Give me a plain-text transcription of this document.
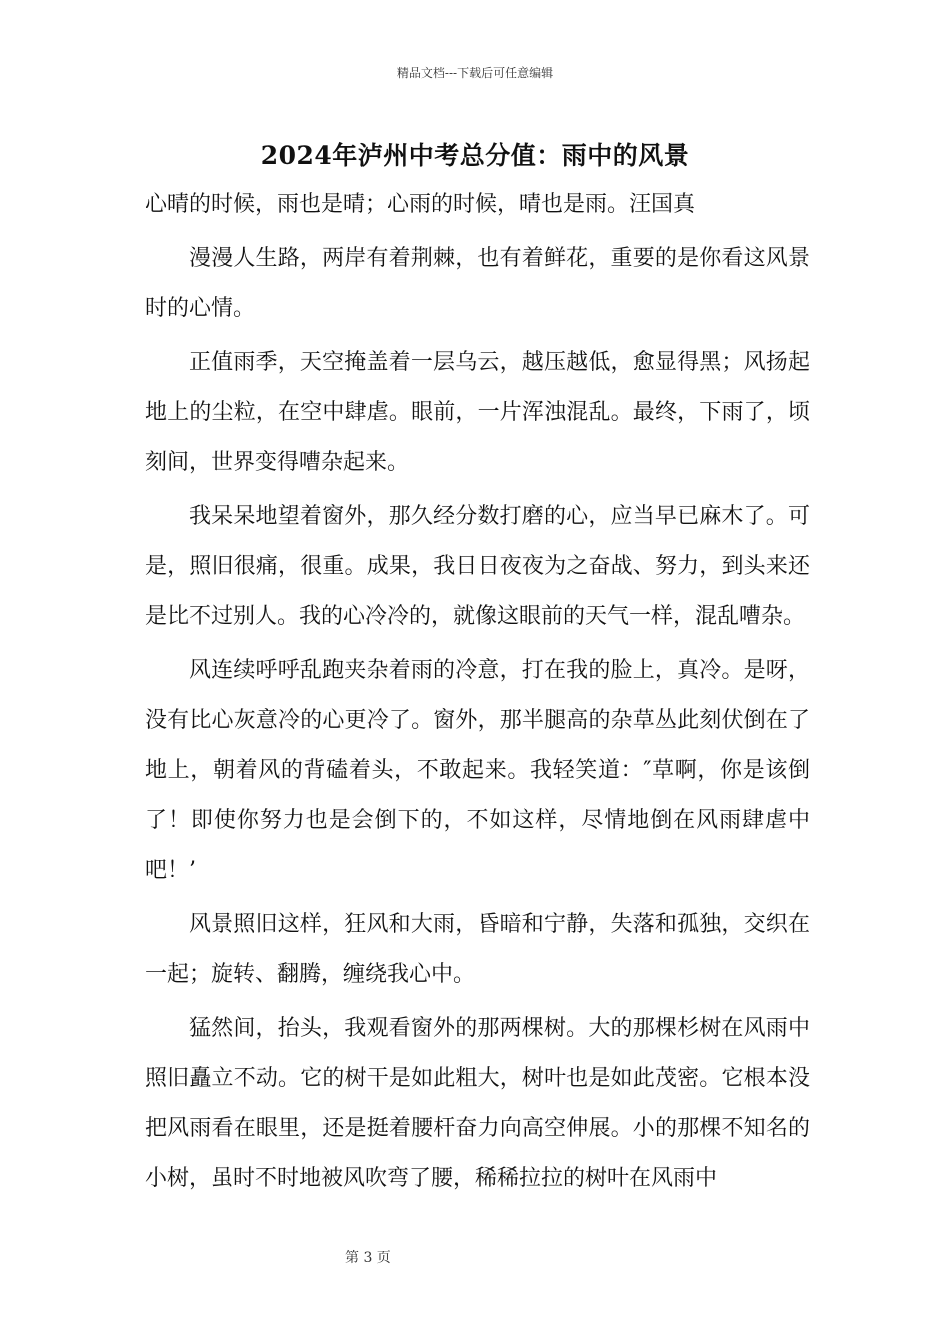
精品文档---下载后可任意编辑
2024年泸州中考总分值：雨中的风景

心晴的时候，雨也是晴；心雨的时候，晴也是雨。汪国真

漫漫人生路，两岸有着荆棘，也有着鲜花，重要的是你看这风景时的心情。

正值雨季，天空掩盖着一层乌云，越压越低，愈显得黑；风扬起地上的尘粒，在空中肆虐。眼前，一片浑浊混乱。最终，下雨了，顷刻间，世界变得嘈杂起来。

我呆呆地望着窗外，那久经分数打磨的心，应当早已麻木了。可是，照旧很痛，很重。成果，我日日夜夜为之奋战、努力，到头来还是比不过别人。我的心冷冷的，就像这眼前的天气一样，混乱嘈杂。

风连续呼呼乱跑夹杂着雨的冷意，打在我的脸上，真冷。是呀，没有比心灰意冷的心更冷了。窗外，那半腿高的杂草丛此刻伏倒在了地上，朝着风的背磕着头，不敢起来。我轻笑道：″草啊，你是该倒了！即使你努力也是会倒下的，不如这样，尽情地倒在风雨肆虐中吧！’

风景照旧这样，狂风和大雨，昏暗和宁静，失落和孤独，交织在一起；旋转、翻腾，缠绕我心中。

猛然间，抬头，我观看窗外的那两棵树。大的那棵杉树在风雨中照旧矗立不动。它的树干是如此粗大，树叶也是如此茂密。它根本没把风雨看在眼里，还是挺着腰杆奋力向高空伸展。小的那棵不知名的小树，虽时不时地被风吹弯了腰，稀稀拉拉的树叶在风雨中

第 3 页
